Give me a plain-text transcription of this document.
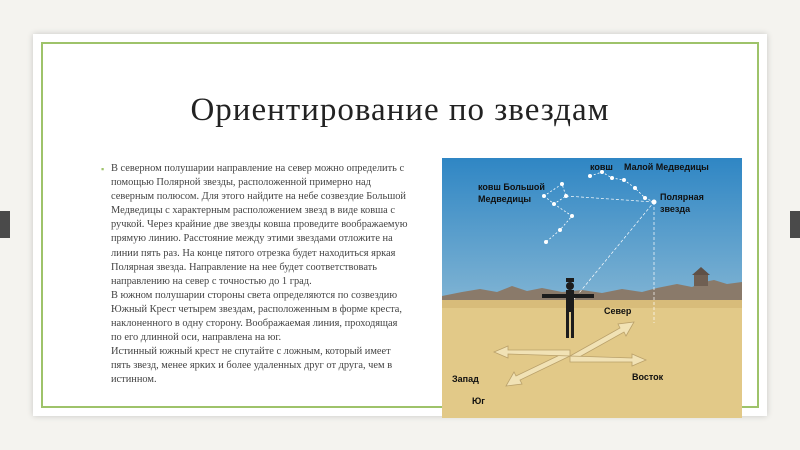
Ориентирование по звездам
▪ В северном полушарии направление на север можно определить с

помощью Полярной звезды, расположенной примерно над

северным полюсом. Для этого найдите на небе созвездие Большой

Медведицы с характерным расположением звезд в виде ковша с

ручкой. Через крайние две звезды ковша проведите воображаемую

прямую линию. Расстояние между этими звездами отложите на

линии пять раз. На конце пятого отрезка будет находиться яркая

Полярная звезда. Направление на нее будет соответствовать

направлению на север с точностью до 1 град.

В южном полушарии стороны света определяются по созвездию

Южный Крест четырем звездам, расположенным в форме креста,

наклоненного в одну сторону. Воображаемая линия, проходящая

по его длинной оси, направлена на юг.

Истинный южный крест не спутайте с ложным, который имеет

пять звезд, менее ярких и более удаленных друг от друга, чем в

истинном.

ковш Малой Медведицы
ковш Большой
Медведицы	Полярная
звезда
Север
Восток
Запад
Юг
